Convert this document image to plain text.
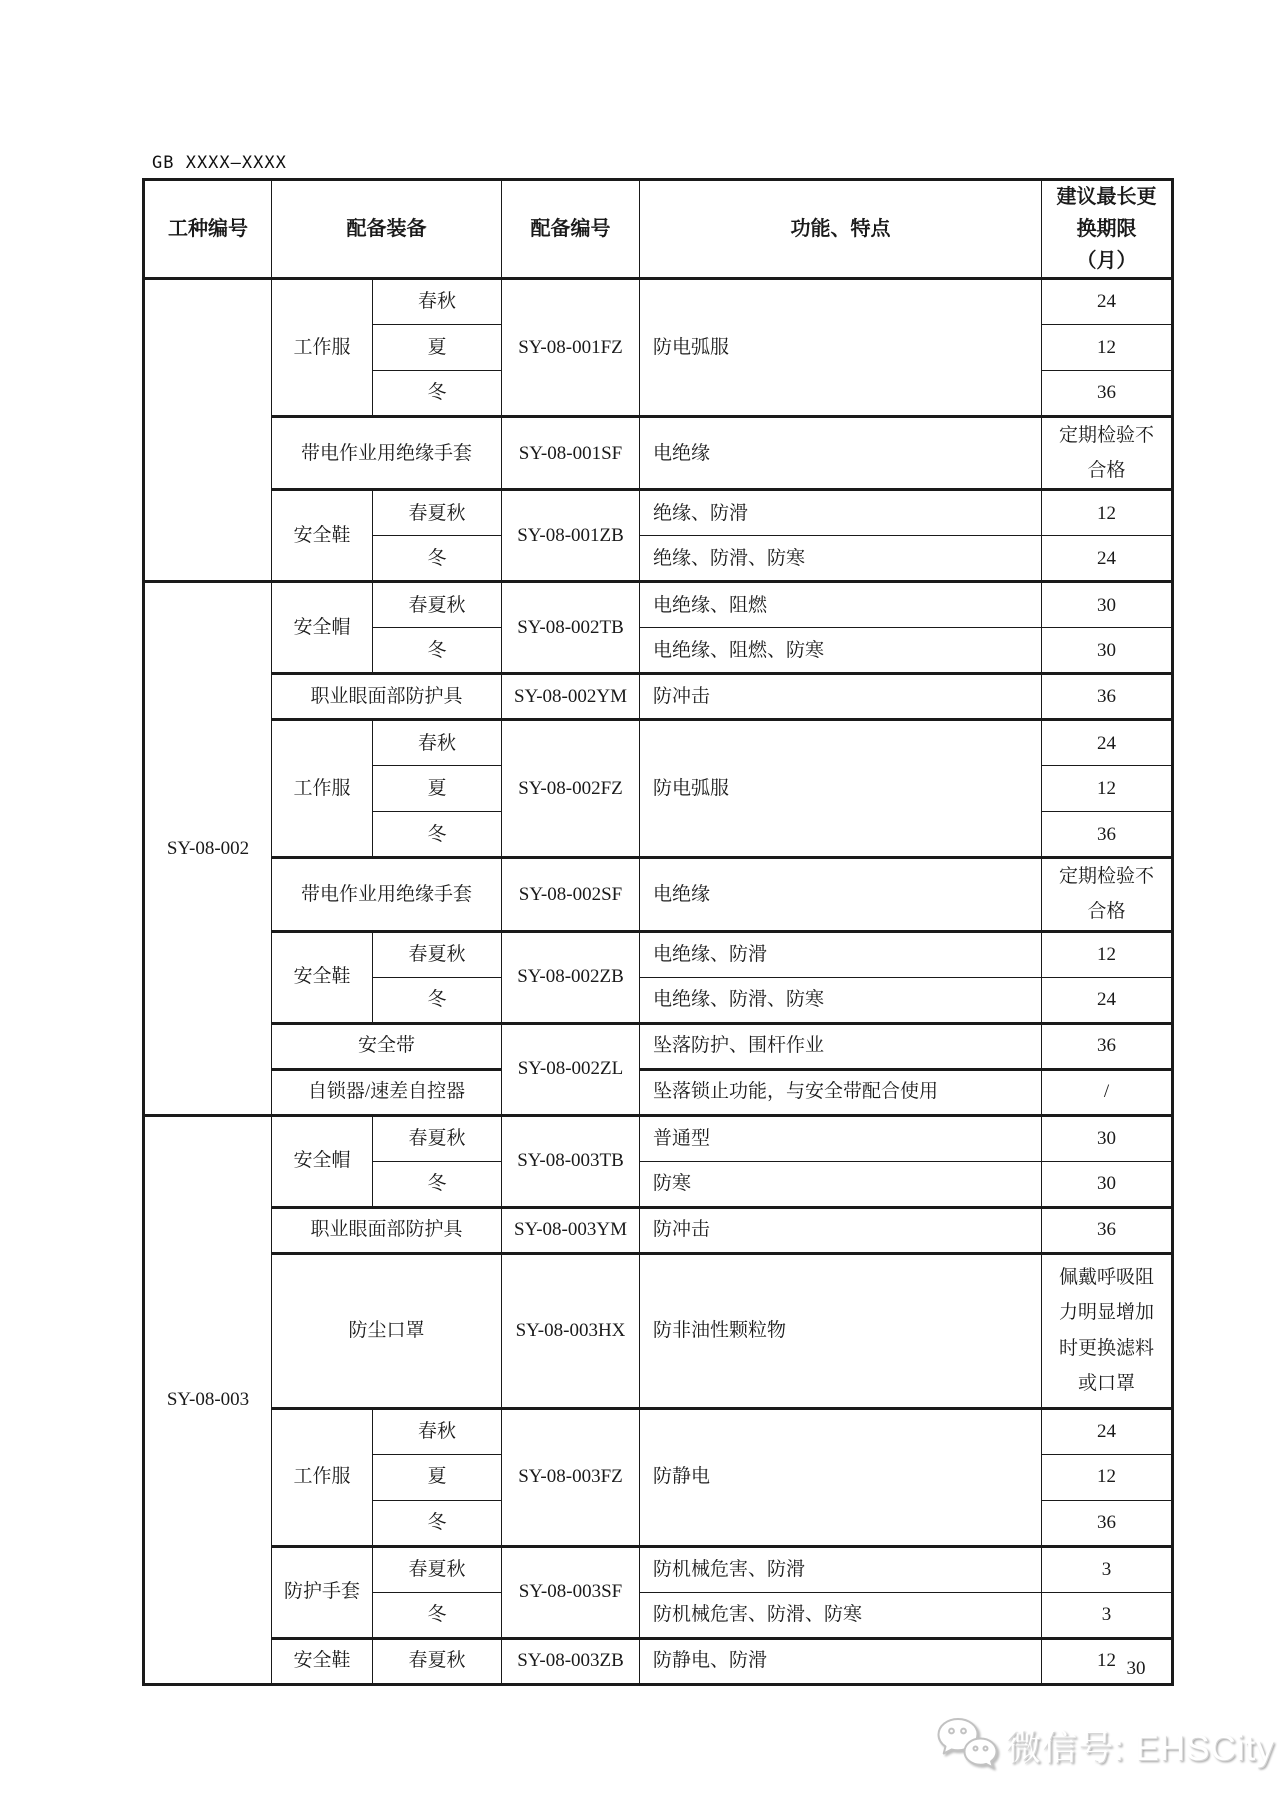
GB XXXX—XXXX
工种编号	配备装备		配备编号	功能、特点	建议最长更换期限（月）
	工作服	春秋	SY-08-001FZ	防电弧服	24
		夏			12
		冬			36
	带电作业用绝缘手套		SY-08-001SF	电绝缘	定期检验不合格
	安全鞋	春夏秋	SY-08-001ZB	绝缘、防滑	12
		冬		绝缘、防滑、防寒	24
SY-08-002	安全帽	春夏秋	SY-08-002TB	电绝缘、阻燃	30
		冬		电绝缘、阻燃、防寒	30
	职业眼面部防护具		SY-08-002YM	防冲击	36
	工作服	春秋	SY-08-002FZ	防电弧服	24
		夏			12
		冬			36
	带电作业用绝缘手套		SY-08-002SF	电绝缘	定期检验不合格
	安全鞋	春夏秋	SY-08-002ZB	电绝缘、防滑	12
		冬		电绝缘、防滑、防寒	24
	安全带		SY-08-002ZL	坠落防护、围杆作业	36
	自锁器/速差自控器			坠落锁止功能，与安全带配合使用	/
SY-08-003	安全帽	春夏秋	SY-08-003TB	普通型	30
		冬		防寒	30
	职业眼面部防护具		SY-08-003YM	防冲击	36
	防尘口罩		SY-08-003HX	防非油性颗粒物	佩戴呼吸阻力明显增加时更换滤料或口罩
	工作服	春秋	SY-08-003FZ	防静电	24
		夏			12
		冬			36
	防护手套	春夏秋	SY-08-003SF	防机械危害、防滑	3
		冬		防机械危害、防滑、防寒	3
	安全鞋	春夏秋	SY-08-003ZB	防静电、防滑	12 30
微信号: EHSCity
